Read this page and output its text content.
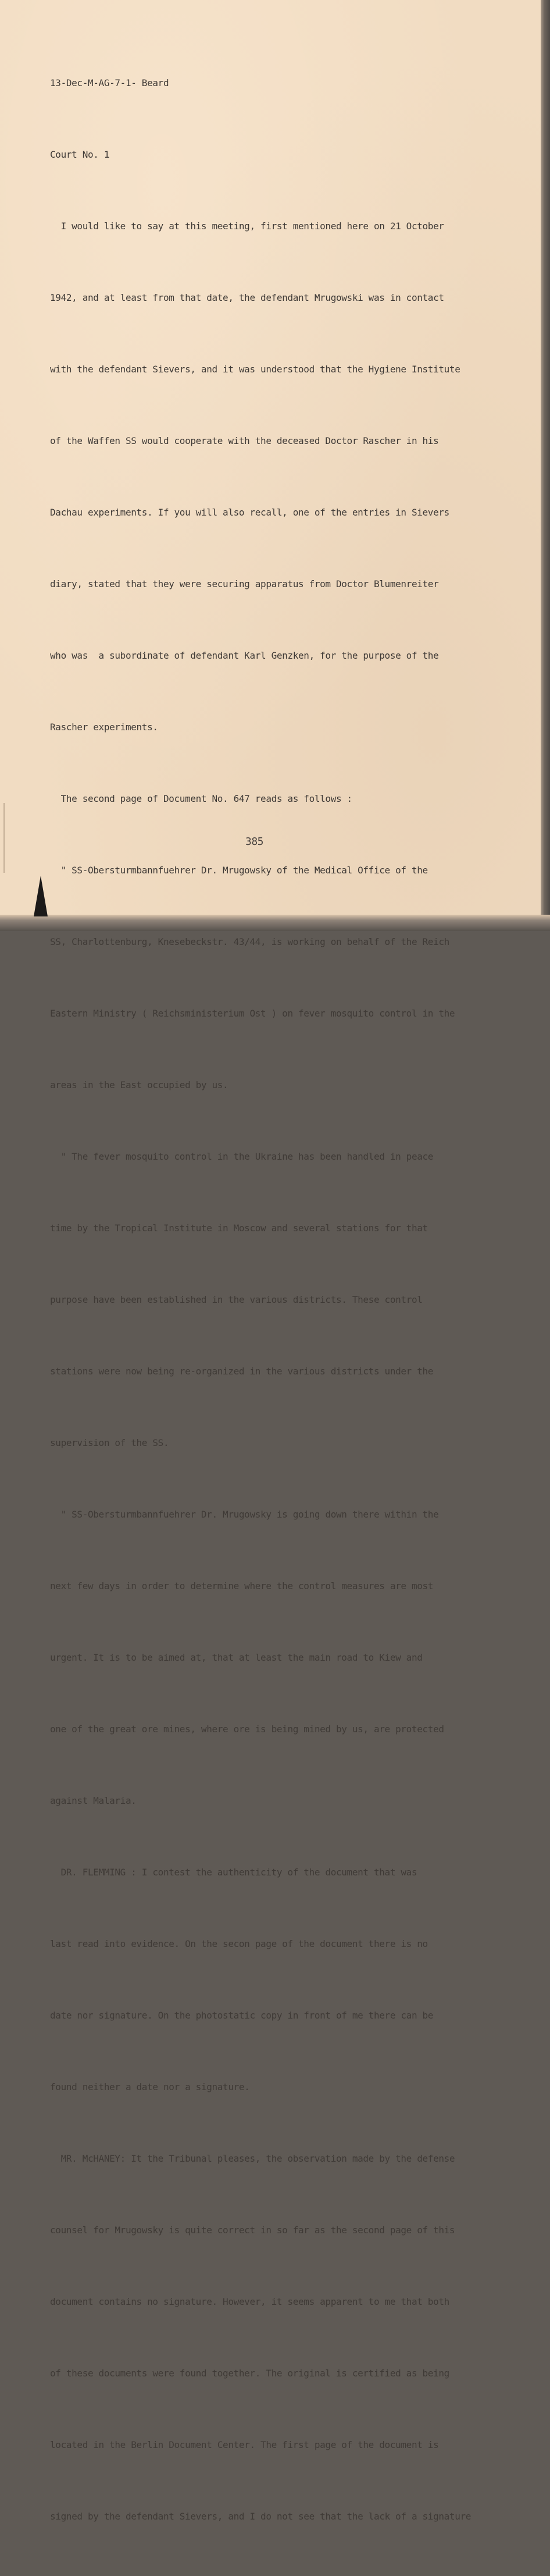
13-Dec-M-AG-7-1- Beard

Court No. 1

I would like to say at this meeting, first mentioned here on 21 October

1942, and at least from that date, the defendant Mrugowski was in contact

with the defendant Sievers, and it was understood that the Hygiene Institute

of the Waffen SS would cooperate with the deceased Doctor Rascher in his

Dachau experiments. If you will also recall, one of the entries in Sievers

diary, stated that they were securing apparatus from Doctor Blumenreiter

who was  a subordinate of defendant Karl Genzken, for the purpose of the

Rascher experiments.

The second page of Document No. 647 reads as follows :

" SS-Obersturmbannfuehrer Dr. Mrugowsky of the Medical Office of the

SS, Charlottenburg, Knesebeckstr. 43/44, is working on behalf of the Reich

Eastern Ministry ( Reichsministerium Ost ) on fever mosquito control in the

areas in the East occupied by us.

" The fever mosquito control in the Ukraine has been handled in peace

time by the Tropical Institute in Moscow and several stations for that

purpose have been established in the various districts. These control

stations were now being re-organized in the various districts under the

supervision of the SS.

" SS-Obersturmbannfuehrer Dr. Mrugowsky is going down there within the

next few days in order to determine where the control measures are most

urgent. It is to be aimed at, that at least the main road to Kiew and

one of the great ore mines, where ore is being mined by us, are protected

against Malaria.

DR. FLEMMING : I contest the authenticity of the document that was

last read into evidence. On the secon page of the document there is no

date nor signature. On the photostatic copy in front of me there can be

found neither a date nor a signature.

MR. McHANEY: It the Tribunal pleases, the observation made by the defense

counsel for Mrugowsky is quite correct in so far as the second page of this

document contains no signature. However, it seems apparent to me that both

of these documents were found together. The original is certified as being

located in the Berlin Document Center. The first page of the document is

signed by the defendant Sievers, and I do not see that the lack of a signature

385
